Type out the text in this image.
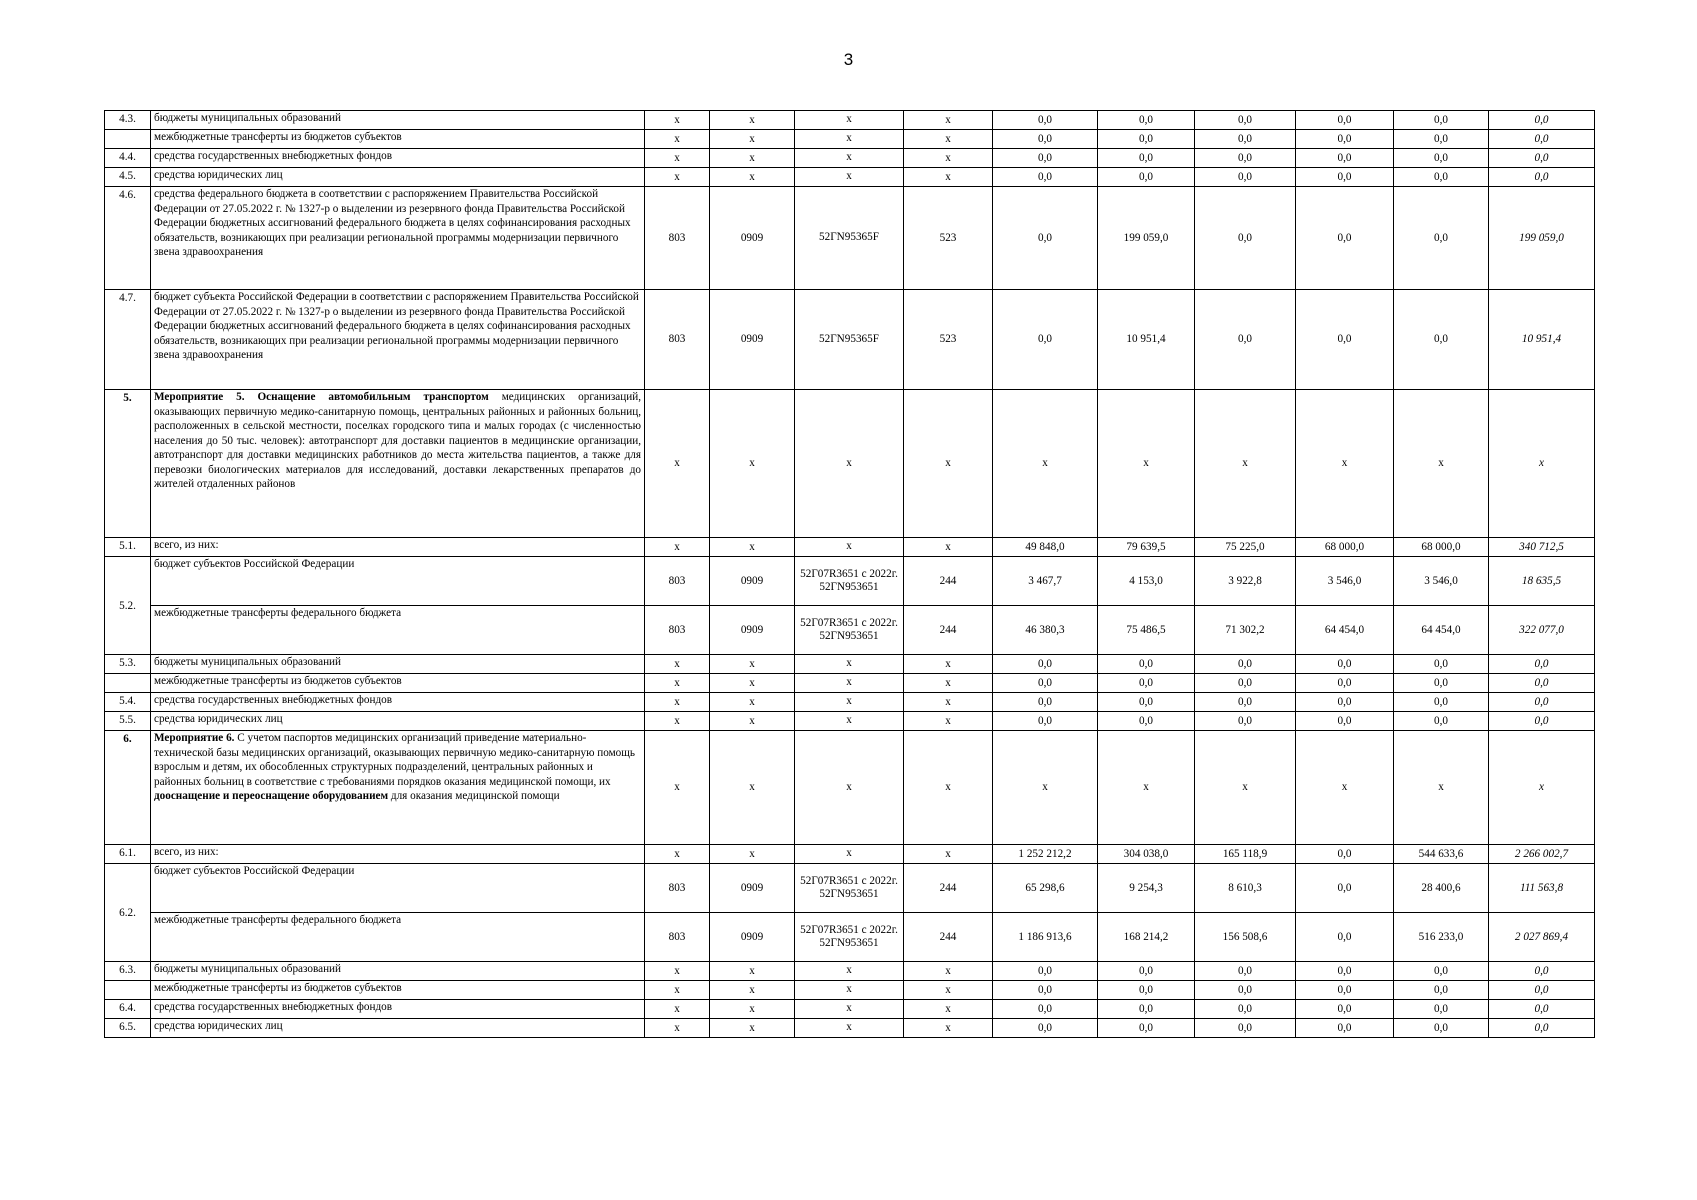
3
4.3.	бюджеты муниципальных образований	x	x	x	x	0,0	0,0	0,0	0,0	0,0	0,0
	межбюджетные трансферты из бюджетов субъектов	x	x	x	x	0,0	0,0	0,0	0,0	0,0	0,0
4.4.	средства государственных внебюджетных фондов	x	x	x	x	0,0	0,0	0,0	0,0	0,0	0,0
4.5.	средства юридических лиц	x	x	x	x	0,0	0,0	0,0	0,0	0,0	0,0
4.6.	средства федерального бюджета в соответствии с распоряжением Правительства Российской Федерации от 27.05.2022 г. № 1327-р о выделении из резервного фонда Правительства Российской Федерации бюджетных ассигнований федерального бюджета в целях софинансирования расходных обязательств, возникающих при реализации региональной программы модернизации первичного звена здравоохранения	803	0909	52ГN95365F	523	0,0	199 059,0	0,0	0,0	0,0	199 059,0
4.7.	бюджет субъекта Российской Федерации в соответствии с распоряжением Правительства Российской Федерации от 27.05.2022 г. № 1327-р о выделении из резервного фонда Правительства Российской Федерации бюджетных ассигнований федерального бюджета в целях софинансирования расходных обязательств, возникающих при реализации региональной программы модернизации первичного звена здравоохранения	803	0909	52ГN95365F	523	0,0	10 951,4	0,0	0,0	0,0	10 951,4
5.	Мероприятие 5. Оснащение автомобильным транспортом медицинских организаций, оказывающих первичную медико-санитарную помощь, центральных районных и районных больниц, расположенных в сельской местности, поселках городского типа и малых городах (с численностью населения до 50 тыс. человек): автотранспорт для доставки пациентов в медицинские организации, автотранспорт для доставки медицинских работников до места жительства пациентов, а также для перевозки биологических материалов для исследований, доставки лекарственных препаратов до жителей отдаленных районов	x	x	x	x	x	x	x	x	x	x
5.1.	всего, из них:	x	x	x	x	49 848,0	79 639,5	75 225,0	68 000,0	68 000,0	340 712,5
5.2.	бюджет субъектов Российской Федерации	803	0909	52Г07R3651 с 2022г. 52ГN953651	244	3 467,7	4 153,0	3 922,8	3 546,0	3 546,0	18 635,5
	межбюджетные трансферты федерального бюджета	803	0909	52Г07R3651 с 2022г. 52ГN953651	244	46 380,3	75 486,5	71 302,2	64 454,0	64 454,0	322 077,0
5.3.	бюджеты муниципальных образований	x	x	x	x	0,0	0,0	0,0	0,0	0,0	0,0
	межбюджетные трансферты из бюджетов субъектов	x	x	x	x	0,0	0,0	0,0	0,0	0,0	0,0
5.4.	средства государственных внебюджетных фондов	x	x	x	x	0,0	0,0	0,0	0,0	0,0	0,0
5.5.	средства юридических лиц	x	x	x	x	0,0	0,0	0,0	0,0	0,0	0,0
6.	Мероприятие 6. С учетом паспортов медицинских организаций приведение материально-технической базы медицинских организаций, оказывающих первичную медико-санитарную помощь взрослым и детям, их обособленных структурных подразделений, центральных районных и районных больниц в соответствие с требованиями порядков оказания медицинской помощи, их дооснащение и переоснащение оборудованием для оказания медицинской помощи	x	x	x	x	x	x	x	x	x	x
6.1.	всего, из них:	x	x	x	x	1 252 212,2	304 038,0	165 118,9	0,0	544 633,6	2 266 002,7
6.2.	бюджет субъектов Российской Федерации	803	0909	52Г07R3651 с 2022г. 52ГN953651	244	65 298,6	9 254,3	8 610,3	0,0	28 400,6	111 563,8
	межбюджетные трансферты федерального бюджета	803	0909	52Г07R3651 с 2022г. 52ГN953651	244	1 186 913,6	168 214,2	156 508,6	0,0	516 233,0	2 027 869,4
6.3.	бюджеты муниципальных образований	x	x	x	x	0,0	0,0	0,0	0,0	0,0	0,0
	межбюджетные трансферты из бюджетов субъектов	x	x	x	x	0,0	0,0	0,0	0,0	0,0	0,0
6.4.	средства государственных внебюджетных фондов	x	x	x	x	0,0	0,0	0,0	0,0	0,0	0,0
6.5.	средства юридических лиц	x	x	x	x	0,0	0,0	0,0	0,0	0,0	0,0
